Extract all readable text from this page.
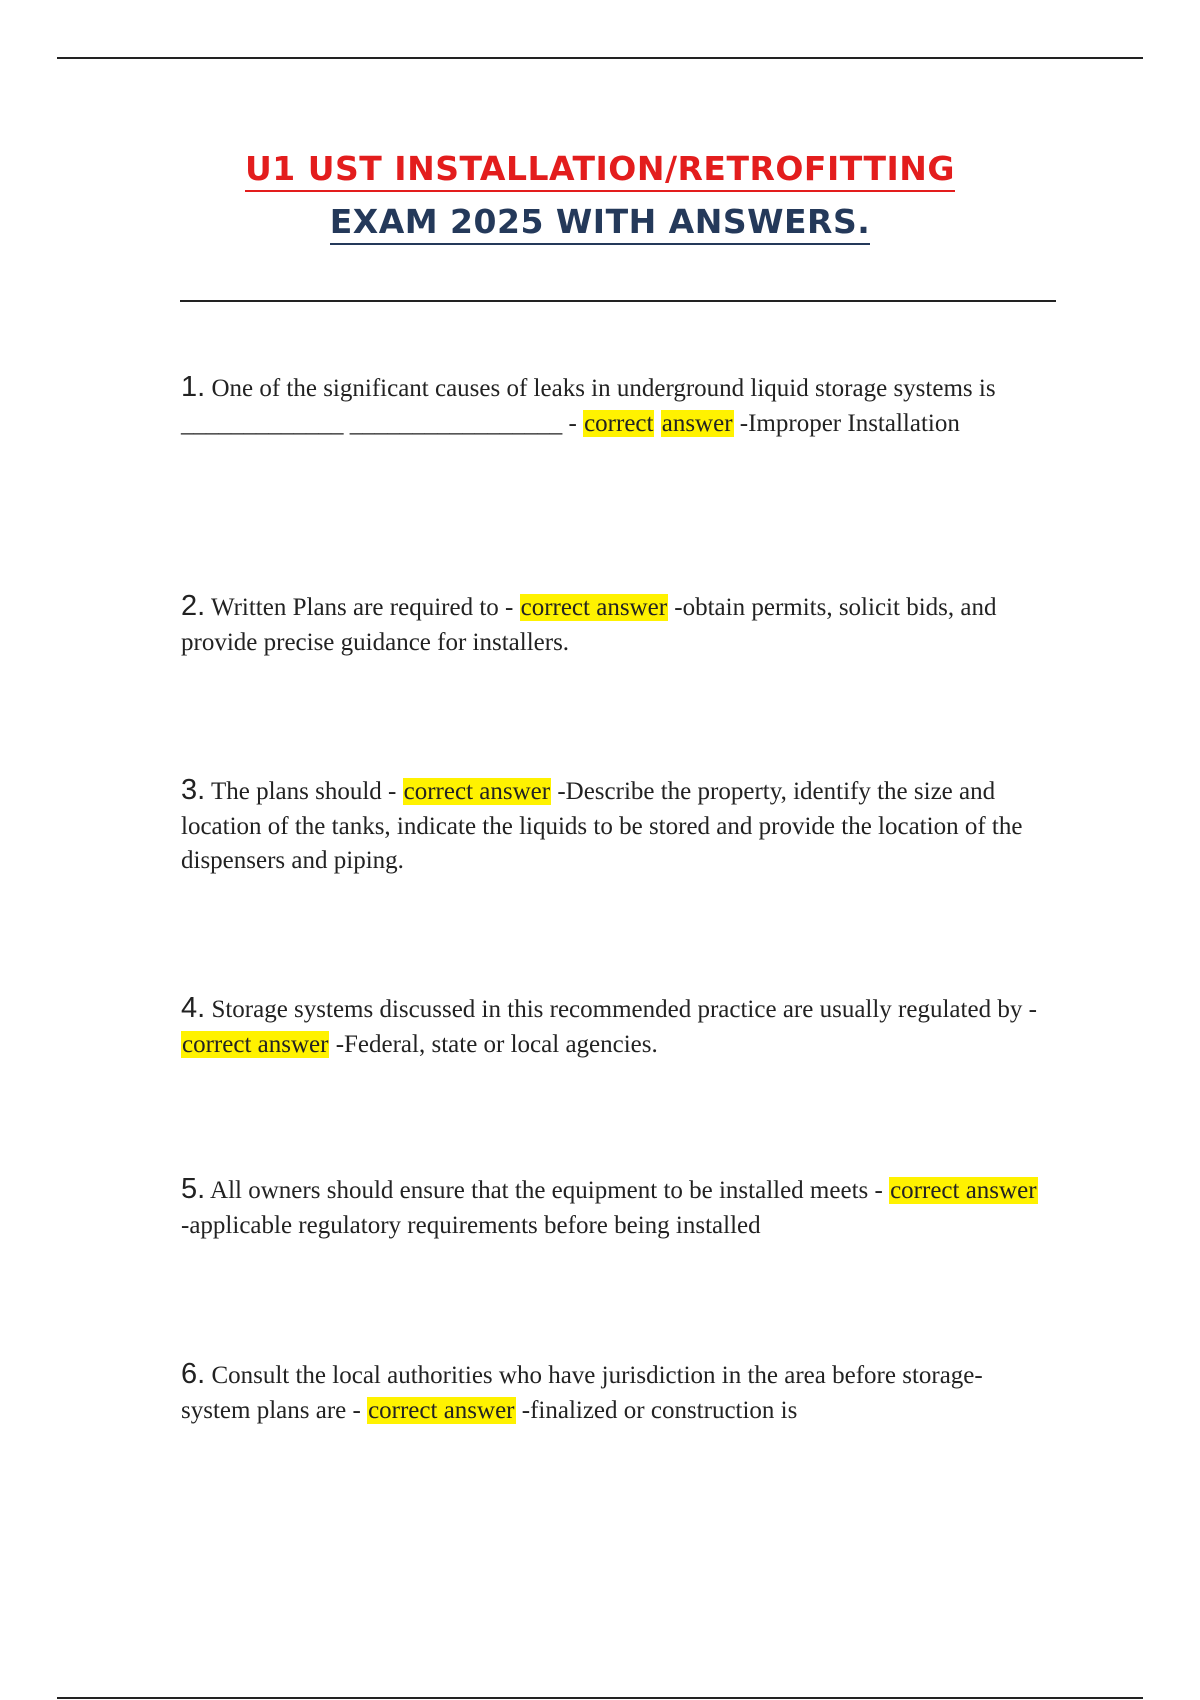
U1 UST INSTALLATION/RETROFITTING
EXAM 2025 WITH ANSWERS.
1. One of the significant causes of leaks in underground liquid storage systems is _____________ _________________ - correct answer -Improper Installation
2. Written Plans are required to - correct answer -obtain permits, solicit bids, and provide precise guidance for installers.
3. The plans should - correct answer -Describe the property, identify the size and location of the tanks, indicate the liquids to be stored and provide the location of the dispensers and piping.
4. Storage systems discussed in this recommended practice are usually regulated by - correct answer -Federal, state or local agencies.
5. All owners should ensure that the equipment to be installed meets - correct answer -applicable regulatory requirements before being installed
6. Consult the local authorities who have jurisdiction in the area before storage-system plans are - correct answer -finalized or construction is
